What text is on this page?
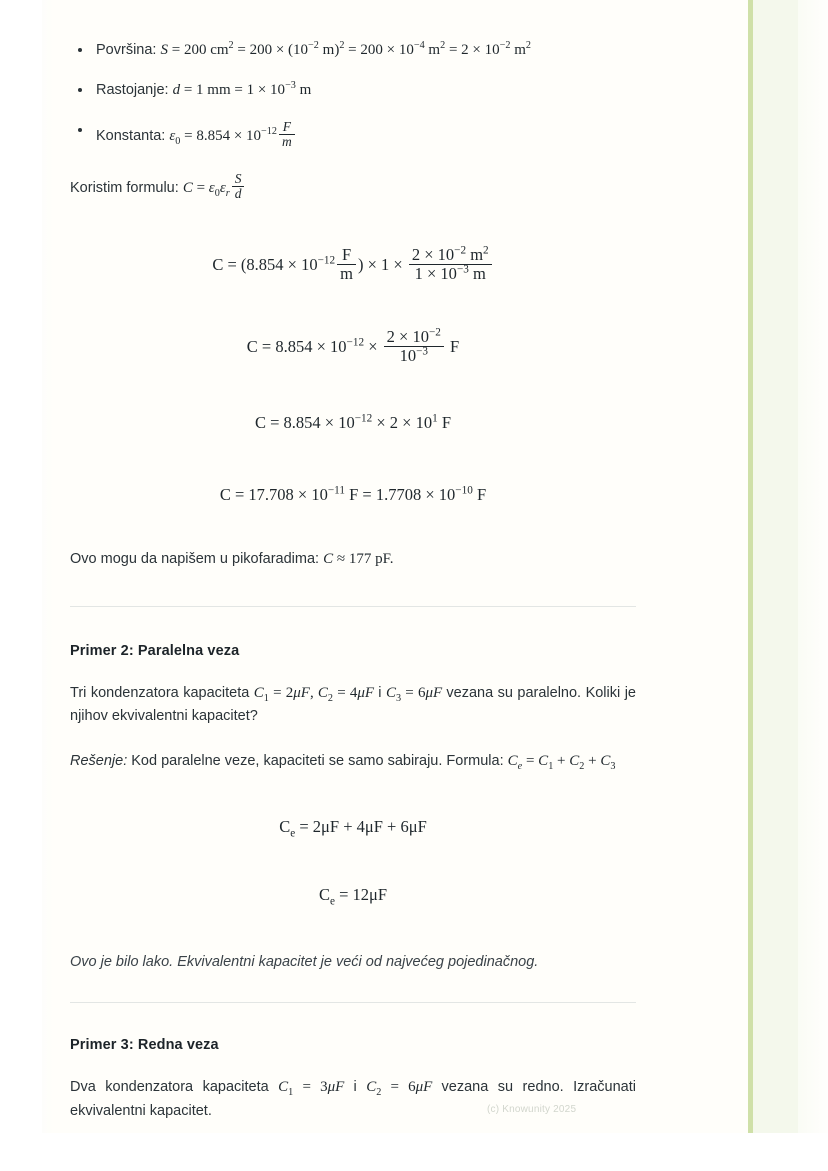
Površina: S = 200 $cm^2 = 200 \times (10^{-2}$ $m)^2 = 200 \times 10^{-4}$ $m^2 = 2 \times 10^{-2}$ $m^2$
Rastojanje: d = 1 mm = $1 \times 10^{-3}$ m
Konstanta: $\varepsilon_0 = 8.854 \times 10^{-12} \frac{F}{m}$

Koristim formulu: $C = \varepsilon_0\varepsilon_r \frac{S}{d}$

$C = (8.854 \times 10^{-12} \frac{F}{m}$ ) × $1 \times \frac{2 \times 10^{-2} m^2}{1 \times 10^{-3} m}$
$C = 8.854 \times 10^{-12} \times \frac{2 \times 10^{-2}}{10^{-3}}$ F
$C = 8.854 \times 10^{-12} \times 2 \times 10^1$ F
$C = 17.708 \times 10^{-11}$ $F = 1.7708 \times 10^{-10}$ F

Ovo mogu da napišem u pikofaradima: C ≈ 177 pF.

Primer 2: Paralelna veza

Tri kondenzatora kapaciteta $C_1 = 2\mu F$, $C_2 = 4\mu F$ i $C_3 = 6\mu F$ vezana su paralelno. Koliki je njihov ekvivalentni kapacitet?

Rešenje: Kod paralelne veze, kapaciteti se samo sabiraju. Formula: $C_e = C_1 + C_2 + C_3$

$C_e = 2\mu F + 4\mu F + 6\mu F$
$C_e = 12\mu F$

Ovo je bilo lako. Ekvivalentni kapacitet je veći od najvećeg pojedinačnog.

Primer 3: Redna veza

Dva kondenzatora kapaciteta $C_1 = 3\mu F$ i $C_2 = 6\mu F$ vezana su redno. Izračunati ekvivalentni kapacitet.	(c) Knowunity 2025
